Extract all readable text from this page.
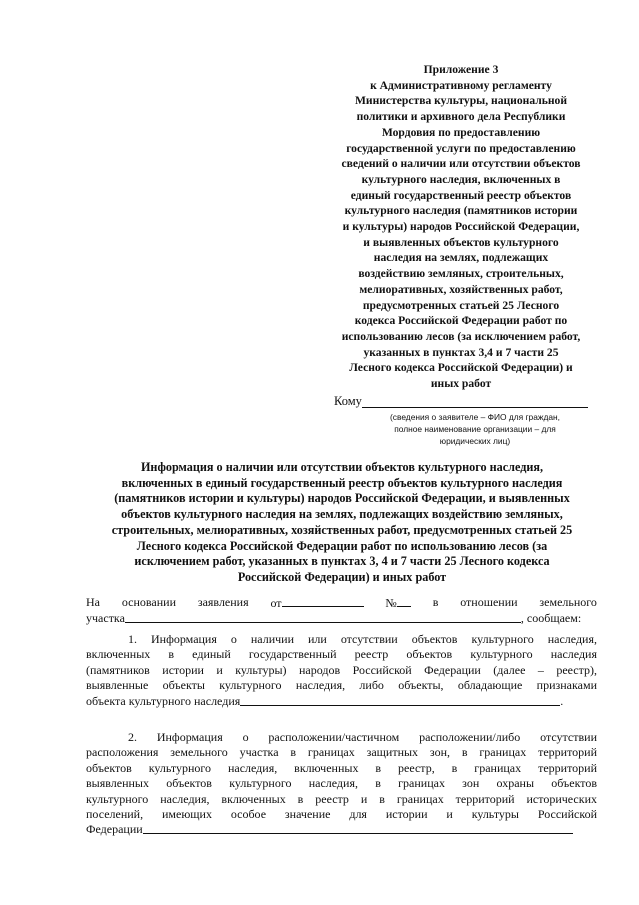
Приложение 3
к Административному регламенту
Министерства культуры, национальной
политики и архивного дела Республики
Мордовия по предоставлению
государственной услуги по предоставлению
сведений о наличии или отсутствии объектов
культурного наследия, включенных в
единый государственный реестр объектов
культурного наследия (памятников истории
и культуры) народов Российской Федерации,
и выявленных объектов культурного
наследия на землях, подлежащих
воздействию земляных, строительных,
мелиоративных, хозяйственных работ,
предусмотренных статьей 25 Лесного
кодекса Российской Федерации работ по
использованию лесов (за исключением работ,
указанных в пунктах 3,4 и 7 части 25
Лесного кодекса Российской Федерации) и
иных работ
Кому
(сведения о заявителе – ФИО для граждан,
полное наименование организации – для
юридических лиц)
Информация о наличии или отсутствии объектов культурного наследия,
включенных в единый государственный реестр объектов культурного наследия
(памятников истории и культуры) народов Российской Федерации, и выявленных
объектов культурного наследия на землях, подлежащих воздействию земляных,
строительных, мелиоративных, хозяйственных работ, предусмотренных статьей 25
Лесного кодекса Российской Федерации работ по использованию лесов (за
исключением работ, указанных в пунктах 3, 4 и 7 части 25 Лесного кодекса
Российской Федерации) и иных работ
На основании заявления от	№	в отношении земельного
участка	, сообщаем:
1. Информация о наличии или отсутствии объектов культурного наследия,
включенных в единый государственный реестр объектов культурного наследия
(памятников истории и культуры) народов Российской Федерации (далее – реестр),
выявленные объекты культурного наследия, либо объекты, обладающие признаками
объекта культурного наследия	.
2. Информация о расположении/частичном расположении/либо отсутствии
расположения земельного участка в границах защитных зон, в границах территорий
объектов культурного наследия, включенных в реестр, в границах территорий
выявленных объектов культурного наследия, в границах зон охраны объектов
культурного наследия, включенных в реестр и в границах территорий исторических
поселений, имеющих особое значение для истории и культуры Российской
Федерации
